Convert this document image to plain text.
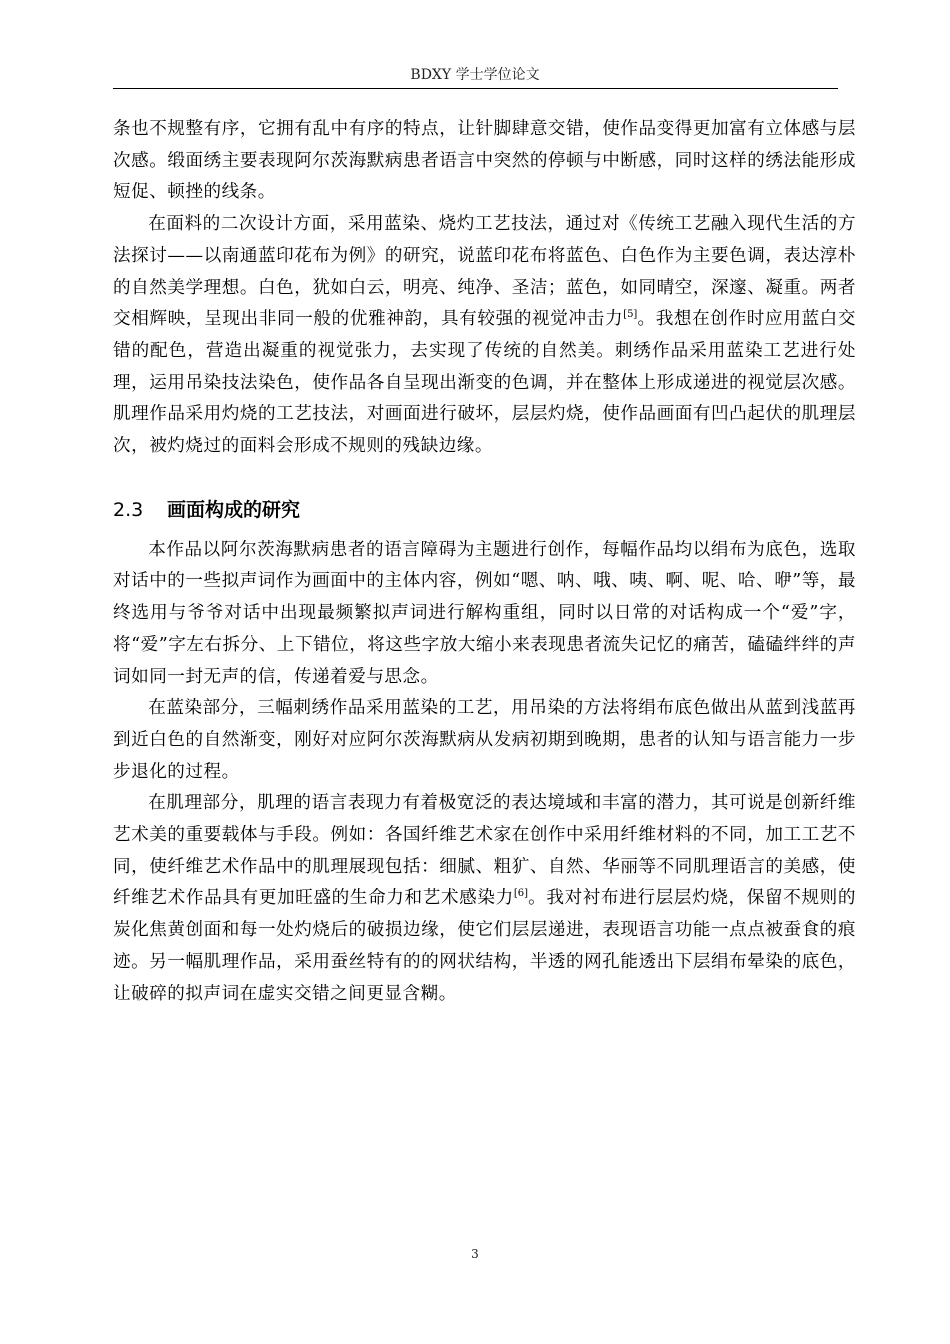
BDXY 学士学位论文

条也不规整有序，它拥有乱中有序的特点，让针脚肆意交错，使作品变得更加富有立体感与层次感。缎面绣主要表现阿尔茨海默病患者语言中突然的停顿与中断感，同时这样的绣法能形成短促、顿挫的线条。

在面料的二次设计方面，采用蓝染、烧灼工艺技法，通过对《传统工艺融入现代生活的方法探讨——以南通蓝印花布为例》的研究，说蓝印花布将蓝色、白色作为主要色调，表达淳朴的自然美学理想。白色，犹如白云，明亮、纯净、圣洁；蓝色，如同晴空，深邃、凝重。两者交相辉映，呈现出非同一般的优雅神韵，具有较强的视觉冲击力[5]。我想在创作时应用蓝白交错的配色，营造出凝重的视觉张力，去实现了传统的自然美。刺绣作品采用蓝染工艺进行处理，运用吊染技法染色，使作品各自呈现出渐变的色调，并在整体上形成递进的视觉层次感。肌理作品采用灼烧的工艺技法，对画面进行破坏，层层灼烧，使作品画面有凹凸起伏的肌理层次，被灼烧过的面料会形成不规则的残缺边缘。

2.3 画面构成的研究

本作品以阿尔茨海默病患者的语言障碍为主题进行创作，每幅作品均以绢布为底色，选取对话中的一些拟声词作为画面中的主体内容，例如“嗯、呐、哦、咦、啊、呢、哈、咿”等，最终选用与爷爷对话中出现最频繁拟声词进行解构重组，同时以日常的对话构成一个“爱”字，将“爱”字左右拆分、上下错位，将这些字放大缩小来表现患者流失记忆的痛苦，磕磕绊绊的声词如同一封无声的信，传递着爱与思念。

在蓝染部分，三幅刺绣作品采用蓝染的工艺，用吊染的方法将绢布底色做出从蓝到浅蓝再到近白色的自然渐变，刚好对应阿尔茨海默病从发病初期到晚期，患者的认知与语言能力一步步退化的过程。

在肌理部分，肌理的语言表现力有着极宽泛的表达境域和丰富的潜力，其可说是创新纤维艺术美的重要载体与手段。例如：各国纤维艺术家在创作中采用纤维材料的不同，加工工艺不同，使纤维艺术作品中的肌理展现包括：细腻、粗犷、自然、华丽等不同肌理语言的美感，使纤维艺术作品具有更加旺盛的生命力和艺术感染力[6]。我对衬布进行层层灼烧，保留不规则的炭化焦黄创面和每一处灼烧后的破损边缘，使它们层层递进，表现语言功能一点点被蚕食的痕迹。另一幅肌理作品，采用蚕丝特有的的网状结构，半透的网孔能透出下层绢布晕染的底色，让破碎的拟声词在虚实交错之间更显含糊。

3
